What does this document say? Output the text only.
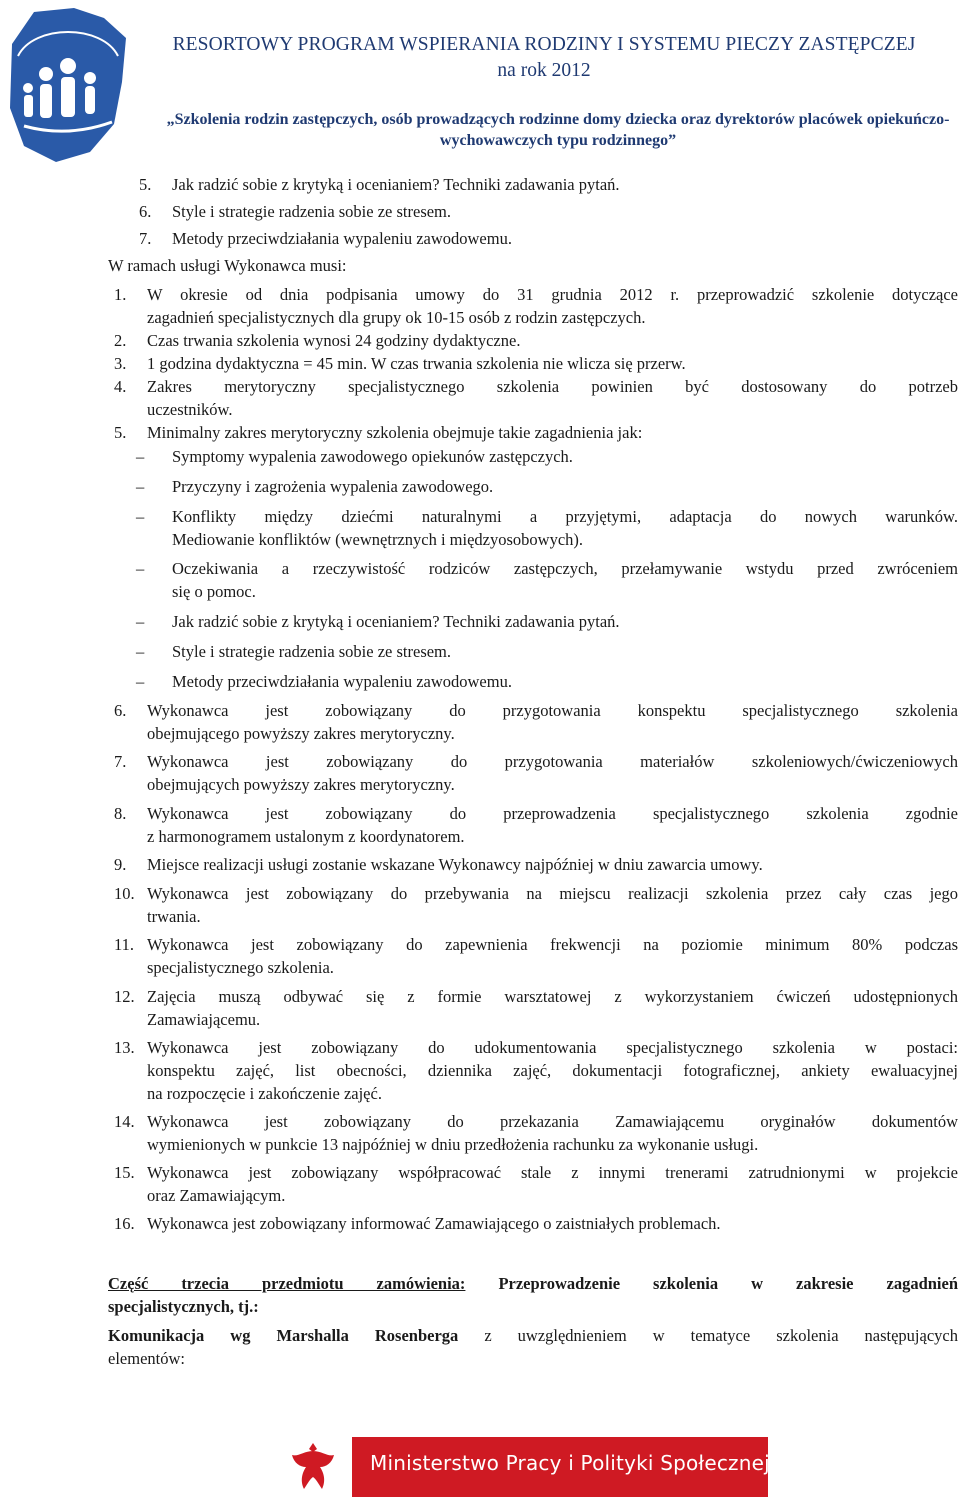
RESORTOWY PROGRAM WSPIERANIA RODZINY I SYSTEMU PIECZY ZASTĘPCZEJ
na rok 2012
„Szkolenia rodzin zastępczych, osób prowadzących rodzinne domy dziecka oraz dyrektorów placówek opiekuńczo-wychowawczych typu rodzinnego”
5. Jak radzić sobie z krytyką i ocenianiem? Techniki zadawania pytań.
6. Style i strategie radzenia sobie ze stresem.
7. Metody przeciwdziałania wypaleniu zawodowemu.
W ramach usługi Wykonawca musi:
1. W okresie od dnia podpisania umowy do 31 grudnia 2012 r. przeprowadzić szkolenie dotyczące
zagadnień specjalistycznych dla grupy ok 10-15 osób z rodzin zastępczych.
2. Czas trwania szkolenia wynosi 24 godziny dydaktyczne.
3. 1 godzina dydaktyczna = 45 min. W czas trwania szkolenia nie wlicza się przerw.
4. Zakres merytoryczny specjalistycznego szkolenia powinien być dostosowany do potrzeb
uczestników.
5. Minimalny zakres merytoryczny szkolenia obejmuje takie zagadnienia jak:
– Symptomy wypalenia zawodowego opiekunów zastępczych.
– Przyczyny i zagrożenia wypalenia zawodowego.
– Konflikty między dziećmi naturalnymi a przyjętymi, adaptacja do nowych warunków.
Mediowanie konfliktów (wewnętrznych i międzyosobowych).
– Oczekiwania a rzeczywistość rodziców zastępczych, przełamywanie wstydu przed zwróceniem
się o pomoc.
– Jak radzić sobie z krytyką i ocenianiem? Techniki zadawania pytań.
– Style i strategie radzenia sobie ze stresem.
– Metody przeciwdziałania wypaleniu zawodowemu.
6. Wykonawca jest zobowiązany do przygotowania konspektu specjalistycznego szkolenia
obejmującego powyższy zakres merytoryczny.
7. Wykonawca jest zobowiązany do przygotowania materiałów szkoleniowych/ćwiczeniowych
obejmujących powyższy zakres merytoryczny.
8. Wykonawca jest zobowiązany do przeprowadzenia specjalistycznego szkolenia zgodnie
z harmonogramem ustalonym z koordynatorem.
9. Miejsce realizacji usługi zostanie wskazane Wykonawcy najpóźniej w dniu zawarcia umowy.
10. Wykonawca jest zobowiązany do przebywania na miejscu realizacji szkolenia przez cały czas jego
trwania.
11. Wykonawca jest zobowiązany do zapewnienia frekwencji na poziomie minimum 80% podczas
specjalistycznego szkolenia.
12. Zajęcia muszą odbywać się z formie warsztatowej z wykorzystaniem ćwiczeń udostępnionych
Zamawiającemu.
13. Wykonawca jest zobowiązany do udokumentowania specjalistycznego szkolenia w postaci:
konspektu zajęć, list obecności, dziennika zajęć, dokumentacji fotograficznej, ankiety ewaluacyjnej
na rozpoczęcie i zakończenie zajęć.
14. Wykonawca jest zobowiązany do przekazania Zamawiającemu oryginałów dokumentów
wymienionych w punkcie 13 najpóźniej w dniu przedłożenia rachunku za wykonanie usługi.
15. Wykonawca jest zobowiązany współpracować stale z innymi trenerami zatrudnionymi w projekcie
oraz Zamawiającym.
16. Wykonawca jest zobowiązany informować Zamawiającego o zaistniałych problemach.
Część trzecia przedmiotu zamówienia: Przeprowadzenie szkolenia w zakresie zagadnień
specjalistycznych, tj.:
Komunikacja wg Marshalla Rosenberga z uwzględnieniem w tematyce szkolenia następujących
elementów:
Ministerstwo Pracy i Polityki Społecznej
